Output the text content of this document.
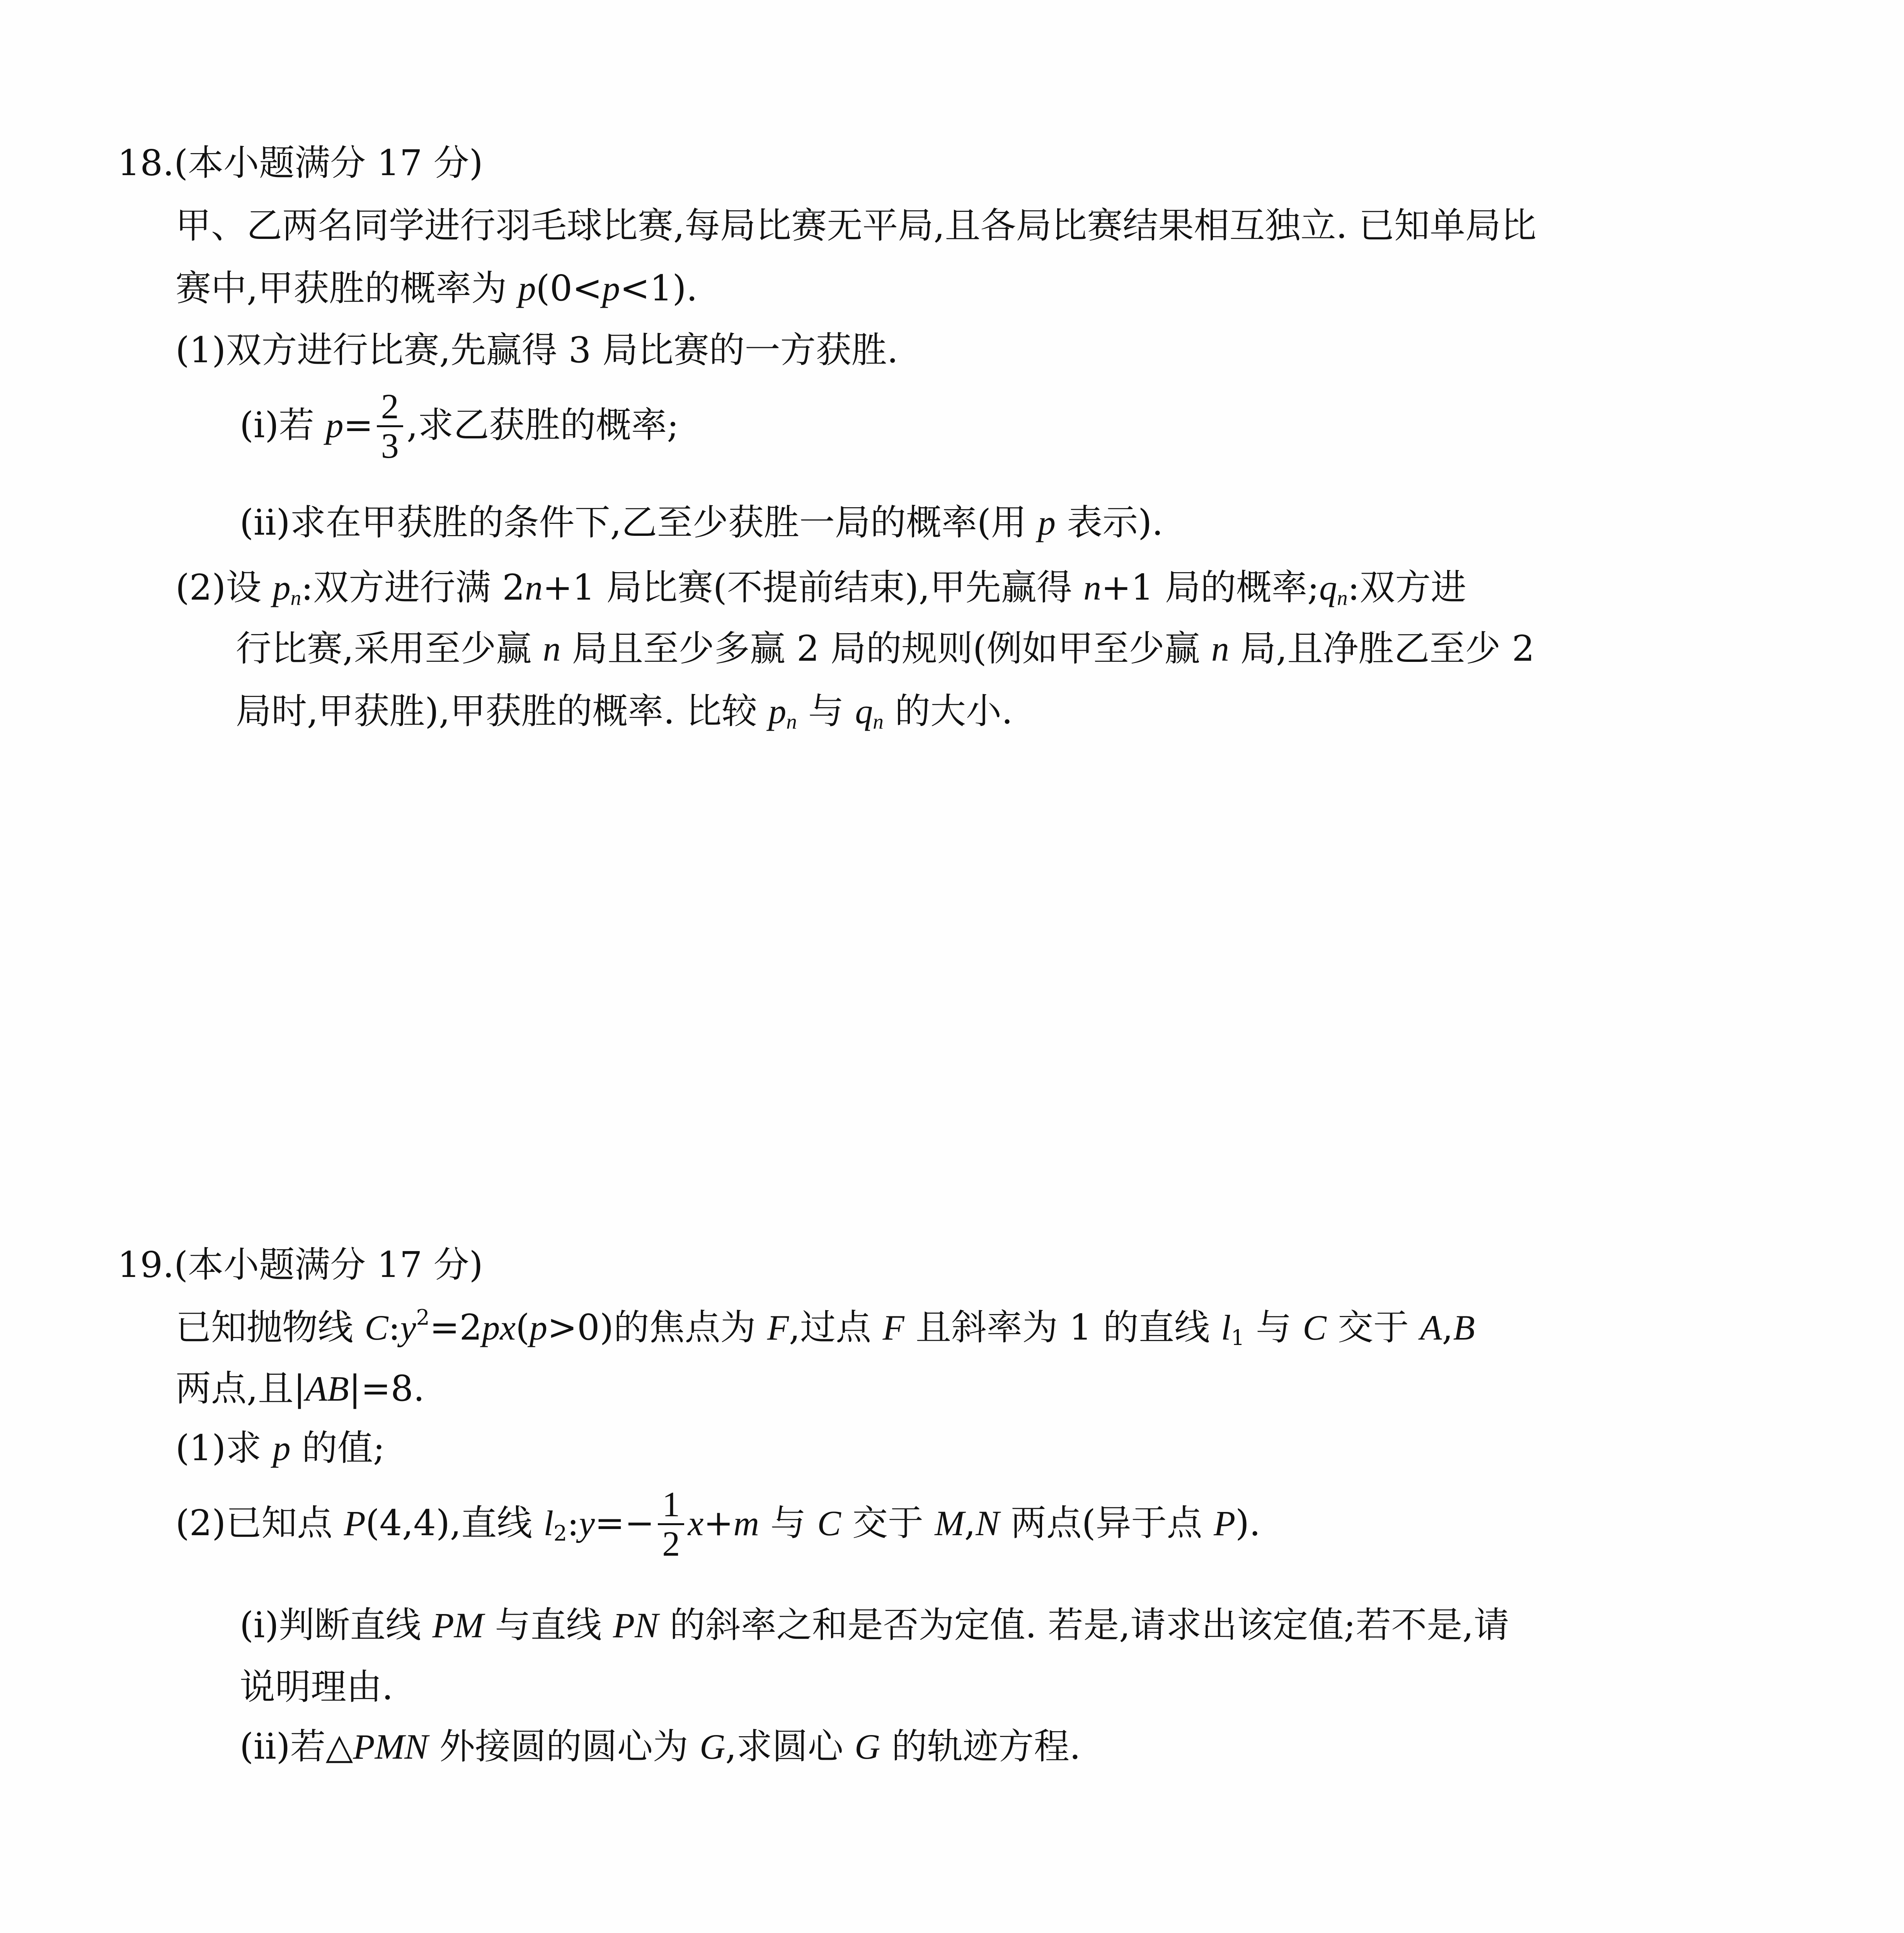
18.(本小题满分 17 分)
甲、乙两名同学进行羽毛球比赛,每局比赛无平局,且各局比赛结果相互独立. 已知单局比
赛中,甲获胜的概率为 p(0<p<1).
(1)双方进行比赛,先赢得 3 局比赛的一方获胜.
(i)若 $p= \frac{2}{3}$ ,求乙获胜的概率;
(ii)求在甲获胜的条件下,乙至少获胜一局的概率(用 p 表示).
(2)设 $p_n$:双方进行满 2n+1 局比赛(不提前结束),甲先赢得 n+1 局的概率$;q_n$:双方进
行比赛,采用至少赢 n 局且至少多赢 2 局的规则(例如甲至少赢 n 局,且净胜乙至少 2
局时,甲获胜),甲获胜的概率. 比较 $p_n$ 与 $q_n$ 的大小.
19.(本小题满分 17 分)
已知抛物线 $C:y^2=2px(p>0)$的焦点为 F,过点 F 且斜率为 1 的直线 $l_1$ 与 C 交于 A,B
两点,且|AB|=8.
(1)求 p 的值;
(2)已知点 P(4,4),直线 $l_2:y=- \frac{1}{2} x+m$ 与 C 交于 M,N 两点(异于点 P).
(i)判断直线 PM 与直线 PN 的斜率之和是否为定值. 若是,请求出该定值;若不是,请
说明理由.
(ii)若△PMN 外接圆的圆心为 G,求圆心 G 的轨迹方程.
